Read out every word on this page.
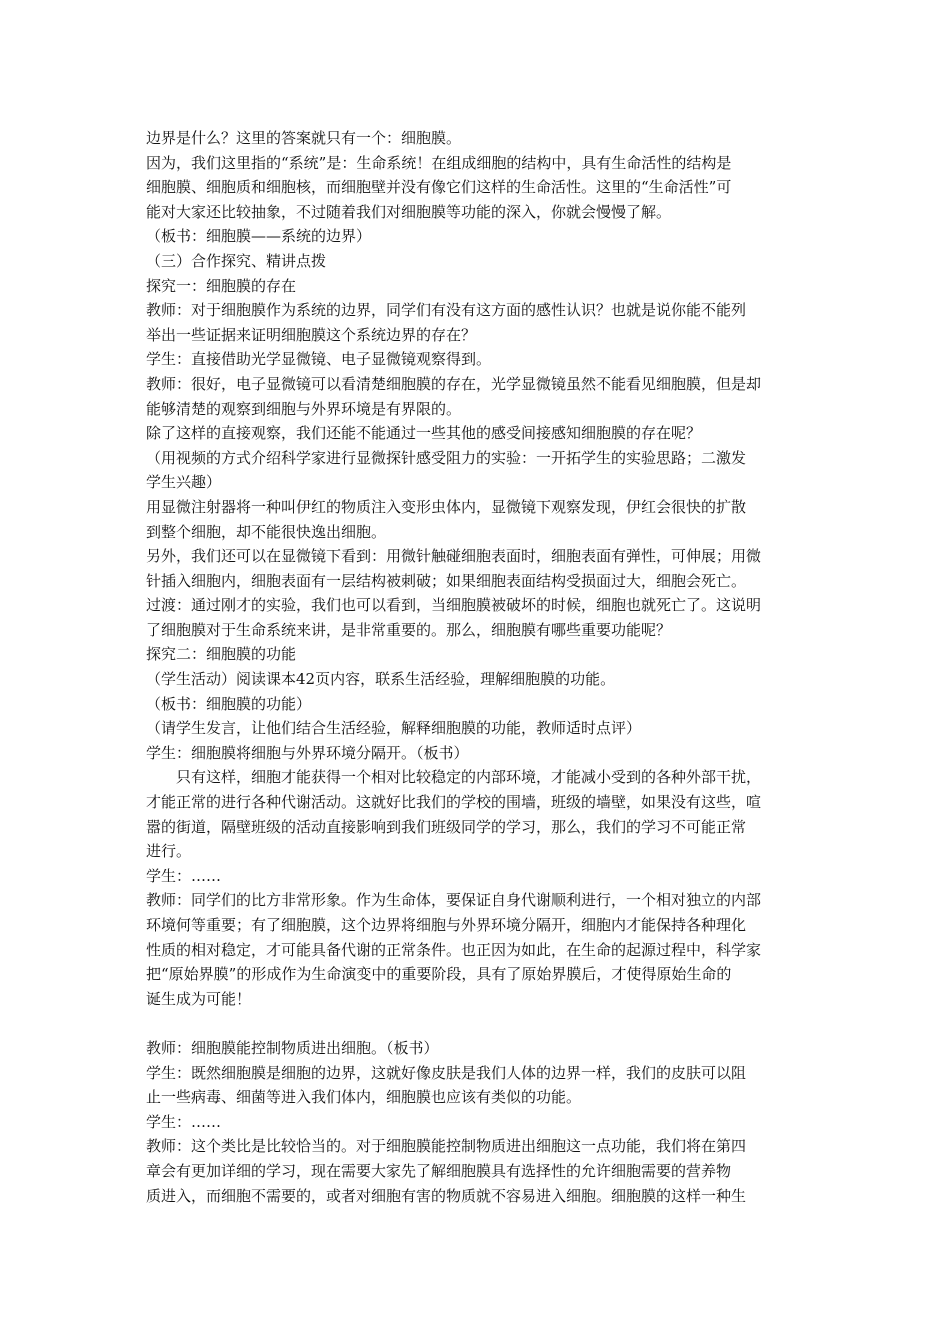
边界是什么？这里的答案就只有一个：细胞膜。
因为，我们这里指的“系统”是：生命系统！在组成细胞的结构中，具有生命活性的结构是
细胞膜、细胞质和细胞核，而细胞壁并没有像它们这样的生命活性。这里的“生命活性”可
能对大家还比较抽象，不过随着我们对细胞膜等功能的深入，你就会慢慢了解。
（板书：细胞膜——系统的边界）
（三）合作探究、精讲点拨
探究一：细胞膜的存在
教师：对于细胞膜作为系统的边界，同学们有没有这方面的感性认识？也就是说你能不能列
举出一些证据来证明细胞膜这个系统边界的存在？
学生：直接借助光学显微镜、电子显微镜观察得到。
教师：很好，电子显微镜可以看清楚细胞膜的存在，光学显微镜虽然不能看见细胞膜，但是却
能够清楚的观察到细胞与外界环境是有界限的。
除了这样的直接观察，我们还能不能通过一些其他的感受间接感知细胞膜的存在呢？
（用视频的方式介绍科学家进行显微探针感受阻力的实验：一开拓学生的实验思路；二激发
学生兴趣）
用显微注射器将一种叫伊红的物质注入变形虫体内，显微镜下观察发现，伊红会很快的扩散
到整个细胞，却不能很快逸出细胞。
另外，我们还可以在显微镜下看到：用微针触碰细胞表面时，细胞表面有弹性，可伸展；用微
针插入细胞内，细胞表面有一层结构被刺破；如果细胞表面结构受损面过大，细胞会死亡。
过渡：通过刚才的实验，我们也可以看到，当细胞膜被破坏的时候，细胞也就死亡了。这说明
了细胞膜对于生命系统来讲，是非常重要的。那么，细胞膜有哪些重要功能呢？
探究二：细胞膜的功能
（学生活动）阅读课本42页内容，联系生活经验，理解细胞膜的功能。
（板书：细胞膜的功能）
（请学生发言，让他们结合生活经验，解释细胞膜的功能，教师适时点评）
学生：细胞膜将细胞与外界环境分隔开。（板书）
只有这样，细胞才能获得一个相对比较稳定的内部环境，才能减小受到的各种外部干扰，
才能正常的进行各种代谢活动。这就好比我们的学校的围墙，班级的墙壁，如果没有这些，喧
嚣的街道，隔壁班级的活动直接影响到我们班级同学的学习，那么，我们的学习不可能正常
进行。
学生：……
教师：同学们的比方非常形象。作为生命体，要保证自身代谢顺利进行，一个相对独立的内部
环境何等重要；有了细胞膜，这个边界将细胞与外界环境分隔开，细胞内才能保持各种理化
性质的相对稳定，才可能具备代谢的正常条件。也正因为如此，在生命的起源过程中，科学家
把“原始界膜”的形成作为生命演变中的重要阶段，具有了原始界膜后，才使得原始生命的
诞生成为可能！
教师：细胞膜能控制物质进出细胞。（板书）
学生：既然细胞膜是细胞的边界，这就好像皮肤是我们人体的边界一样，我们的皮肤可以阻
止一些病毒、细菌等进入我们体内，细胞膜也应该有类似的功能。
学生：……
教师：这个类比是比较恰当的。对于细胞膜能控制物质进出细胞这一点功能，我们将在第四
章会有更加详细的学习，现在需要大家先了解细胞膜具有选择性的允许细胞需要的营养物
质进入，而细胞不需要的，或者对细胞有害的物质就不容易进入细胞。细胞膜的这样一种生
